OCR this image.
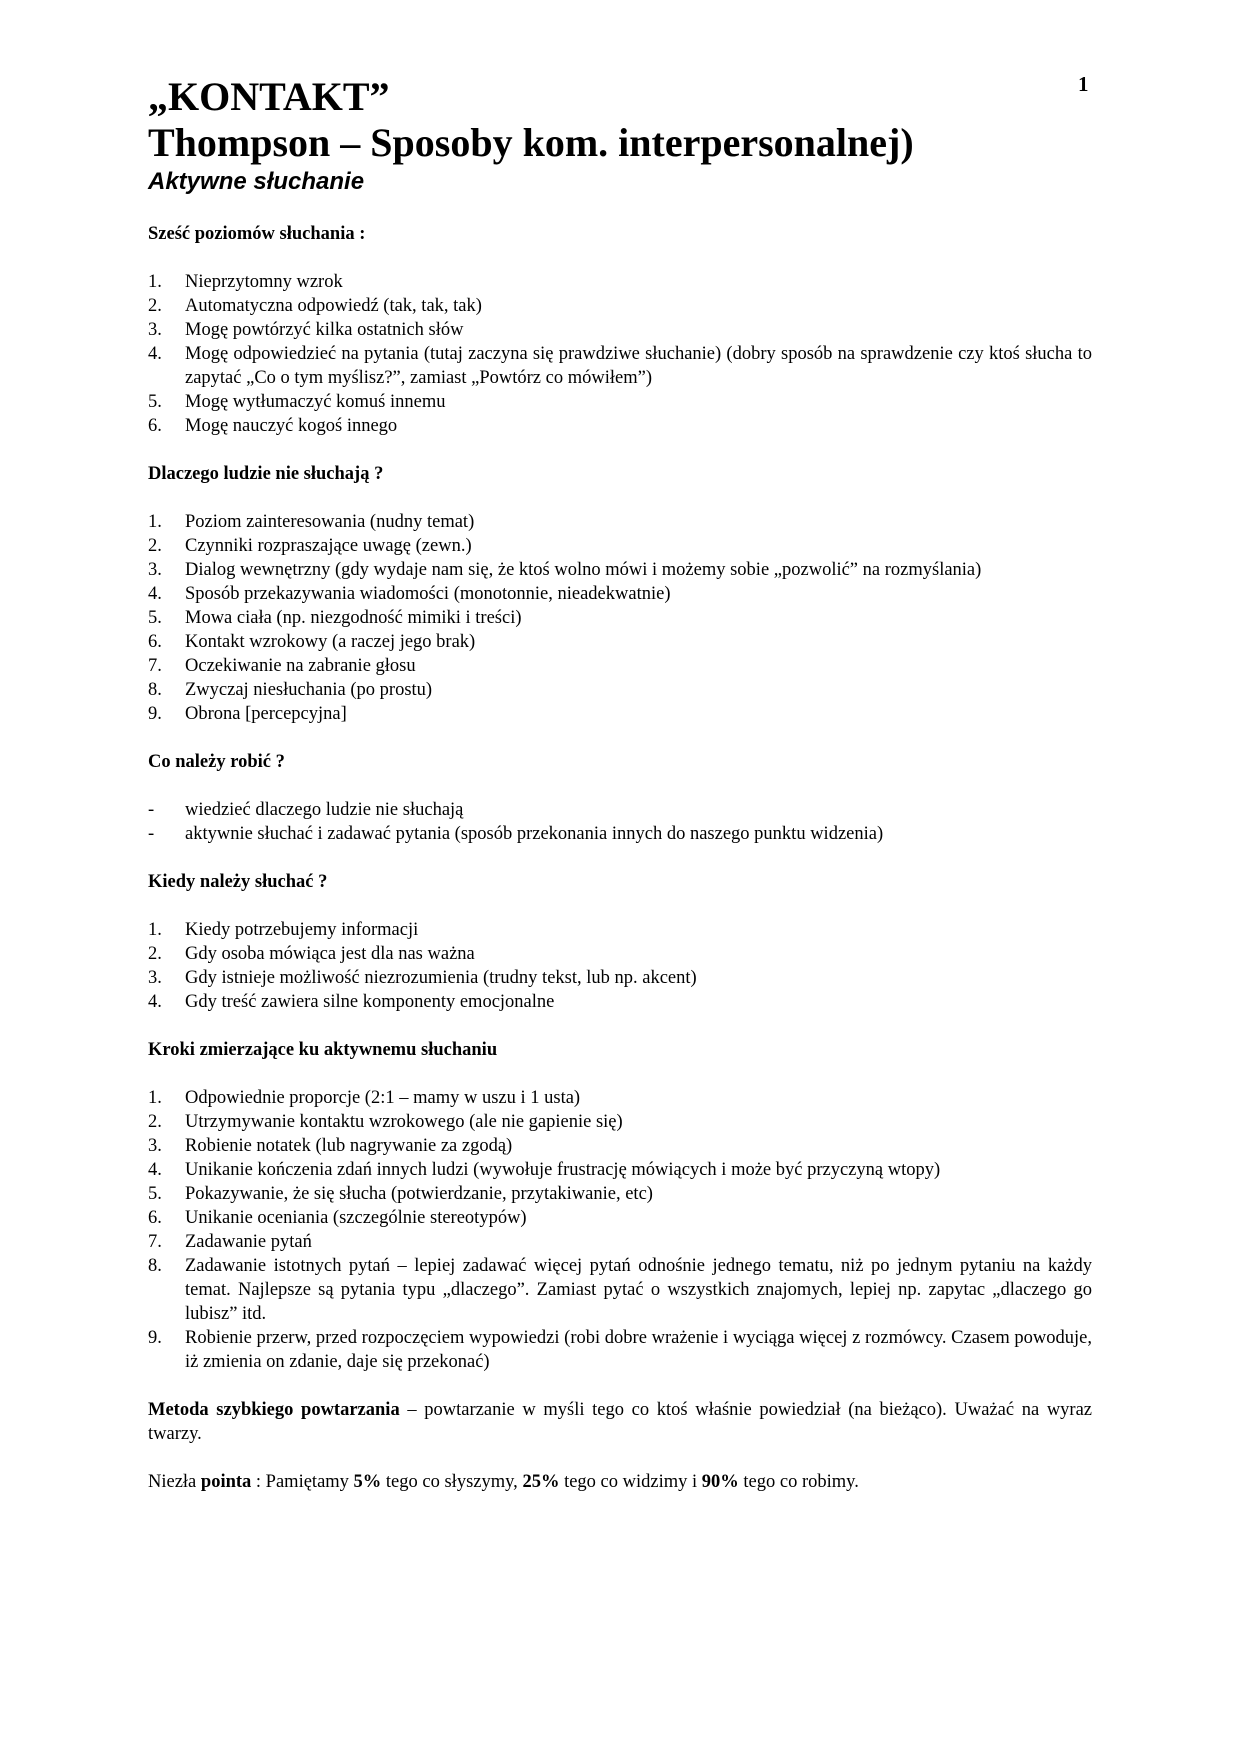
1
„KONTAKT”
Thompson – Sposoby kom. interpersonalnej)
Aktywne słuchanie
Sześć poziomów słuchania :
1. Nieprzytomny wzrok
2. Automatyczna odpowiedź (tak, tak, tak)
3. Mogę powtórzyć kilka ostatnich słów
4. Mogę odpowiedzieć na pytania (tutaj zaczyna się prawdziwe słuchanie) (dobry sposób na sprawdzenie czy ktoś słucha to zapytać „Co o tym myślisz?”, zamiast „Powtórz co mówiłem”)
5. Mogę wytłumaczyć komuś innemu
6. Mogę nauczyć kogoś innego
Dlaczego ludzie nie słuchają ?
1. Poziom zainteresowania (nudny temat)
2. Czynniki rozpraszające uwagę (zewn.)
3. Dialog wewnętrzny (gdy wydaje nam się, że ktoś wolno mówi i możemy sobie „pozwolić” na rozmyślania)
4. Sposób przekazywania wiadomości (monotonnie, nieadekwatnie)
5. Mowa ciała (np. niezgodność mimiki i treści)
6. Kontakt wzrokowy (a raczej jego brak)
7. Oczekiwanie na zabranie głosu
8. Zwyczaj niesłuchania (po prostu)
9. Obrona [percepcyjna]
Co należy robić ?
- wiedzieć dlaczego ludzie nie słuchają
- aktywnie słuchać i zadawać pytania (sposób przekonania innych do naszego punktu widzenia)
Kiedy należy słuchać ?
1. Kiedy potrzebujemy informacji
2. Gdy osoba mówiąca jest dla nas ważna
3. Gdy istnieje możliwość niezrozumienia (trudny tekst, lub np. akcent)
4. Gdy treść zawiera silne komponenty emocjonalne
Kroki zmierzające ku aktywnemu słuchaniu
1. Odpowiednie proporcje (2:1 – mamy w uszu i 1 usta)
2. Utrzymywanie kontaktu wzrokowego (ale nie gapienie się)
3. Robienie notatek (lub nagrywanie za zgodą)
4. Unikanie kończenia zdań innych ludzi (wywołuje frustrację mówiących i może być przyczyną wtopy)
5. Pokazywanie, że się słucha (potwierdzanie, przytakiwanie, etc)
6. Unikanie oceniania (szczególnie stereotypów)
7. Zadawanie pytań
8. Zadawanie istotnych pytań – lepiej zadawać więcej pytań odnośnie jednego tematu, niż po jednym pytaniu na każdy temat. Najlepsze są pytania typu „dlaczego”. Zamiast pytać o wszystkich znajomych, lepiej np. zapytac „dlaczego go lubisz” itd.
9. Robienie przerw, przed rozpoczęciem wypowiedzi (robi dobre wrażenie i wyciąga więcej z rozmówcy. Czasem powoduje, iż zmienia on zdanie, daje się przekonać)

Metoda szybkiego powtarzania – powtarzanie w myśli tego co ktoś właśnie powiedział (na bieżąco). Uważać na wyraz twarzy.

Niezła pointa : Pamiętamy 5% tego co słyszymy, 25% tego co widzimy i 90% tego co robimy.
